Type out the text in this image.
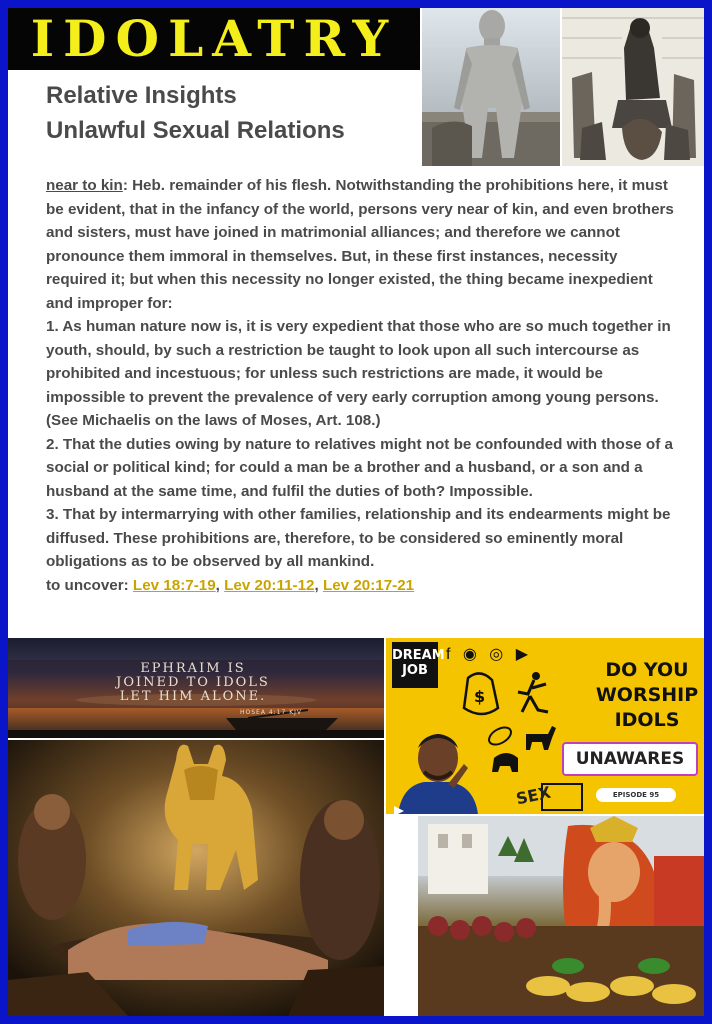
IDOLATRY
Relative Insights
Unlawful Sexual Relations

near to kin: Heb. remainder of his flesh. Notwithstanding the prohibitions here, it must be evident, that in the infancy of the world, persons very near of kin, and even brothers and sisters, must have joined in matrimonial alliances; and therefore we cannot pronounce them immoral in themselves. But, in these first instances, necessity required it; but when this necessity no longer existed, the thing became inexpedient and improper for:

1. As human nature now is, it is very expedient that those who are so much together in youth, should, by such a restriction be taught to look upon all such intercourse as prohibited and incestuous; for unless such restrictions are made, it would be impossible to prevent the prevalence of very early corruption among young persons. (See Michaelis on the laws of Moses, Art. 108.)

2. That the duties owing by nature to relatives might not be confounded with those of a social or political kind; for could a man be a brother and a husband, or a son and a husband at the same time, and fulfil the duties of both? Impossible.

3. That by intermarrying with other families, relationship and its endearments might be diffused. These prohibitions are, therefore, to be considered so eminently moral obligations as to be observed by all mankind.

to uncover: Lev 18:7-19, Lev 20:11-12, Lev 20:17-21

EPHRAIM IS
JOINED TO IDOLS
LET HIM ALONE.
HOSEA 4:17 KJV
DREAM
JOB
f ◉ ◎ ▶
$
DO YOU
WORSHIP
IDOLS
UNAWARES
SEX	EPISODE 95
